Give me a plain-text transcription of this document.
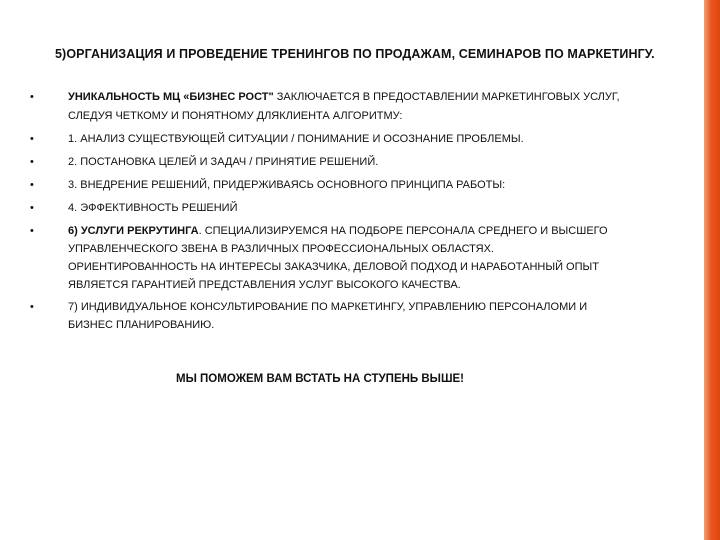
5)ОРГАНИЗАЦИЯ И ПРОВЕДЕНИЕ ТРЕНИНГОВ ПО ПРОДАЖАМ, СЕМИНАРОВ ПО МАРКЕТИНГУ.
•	УНИКАЛЬНОСТЬ МЦ «БИЗНЕС РОСТ" ЗАКЛЮЧАЕТСЯ В ПРЕДОСТАВЛЕНИИ МАРКЕТИНГОВЫХ УСЛУГ, СЛЕДУЯ ЧЕТКОМУ И ПОНЯТНОМУ ДЛЯКЛИЕНТА АЛГОРИТМУ:
•	1. АНАЛИЗ СУЩЕСТВУЮЩЕЙ СИТУАЦИИ / ПОНИМАНИЕ И ОСОЗНАНИЕ ПРОБЛЕМЫ.
•	2. ПОСТАНОВКА ЦЕЛЕЙ И ЗАДАЧ / ПРИНЯТИЕ РЕШЕНИЙ.
•	3. ВНЕДРЕНИЕ РЕШЕНИЙ, ПРИДЕРЖИВАЯСЬ ОСНОВНОГО ПРИНЦИПА РАБОТЫ:
•	4. ЭФФЕКТИВНОСТЬ РЕШЕНИЙ
•	6) УСЛУГИ РЕКРУТИНГА. СПЕЦИАЛИЗИРУЕМСЯ НА ПОДБОРЕ ПЕРСОНАЛА СРЕДНЕГО И ВЫСШЕГО УПРАВЛЕНЧЕСКОГО ЗВЕНА В РАЗЛИЧНЫХ ПРОФЕССИОНАЛЬНЫХ ОБЛАСТЯХ. ОРИЕНТИРОВАННОСТЬ НА ИНТЕРЕСЫ ЗАКАЗЧИКА, ДЕЛОВОЙ ПОДХОД И НАРАБОТАННЫЙ ОПЫТ ЯВЛЯЕТСЯ ГАРАНТИЕЙ ПРЕДСТАВЛЕНИЯ УСЛУГ ВЫСОКОГО КАЧЕСТВА.
•	7) ИНДИВИДУАЛЬНОЕ КОНСУЛЬТИРОВАНИЕ ПО МАРКЕТИНГУ, УПРАВЛЕНИЮ ПЕРСОНАЛОМИ И БИЗНЕС ПЛАНИРОВАНИЮ.
МЫ ПОМОЖЕМ ВАМ ВСТАТЬ НА СТУПЕНЬ ВЫШЕ!
